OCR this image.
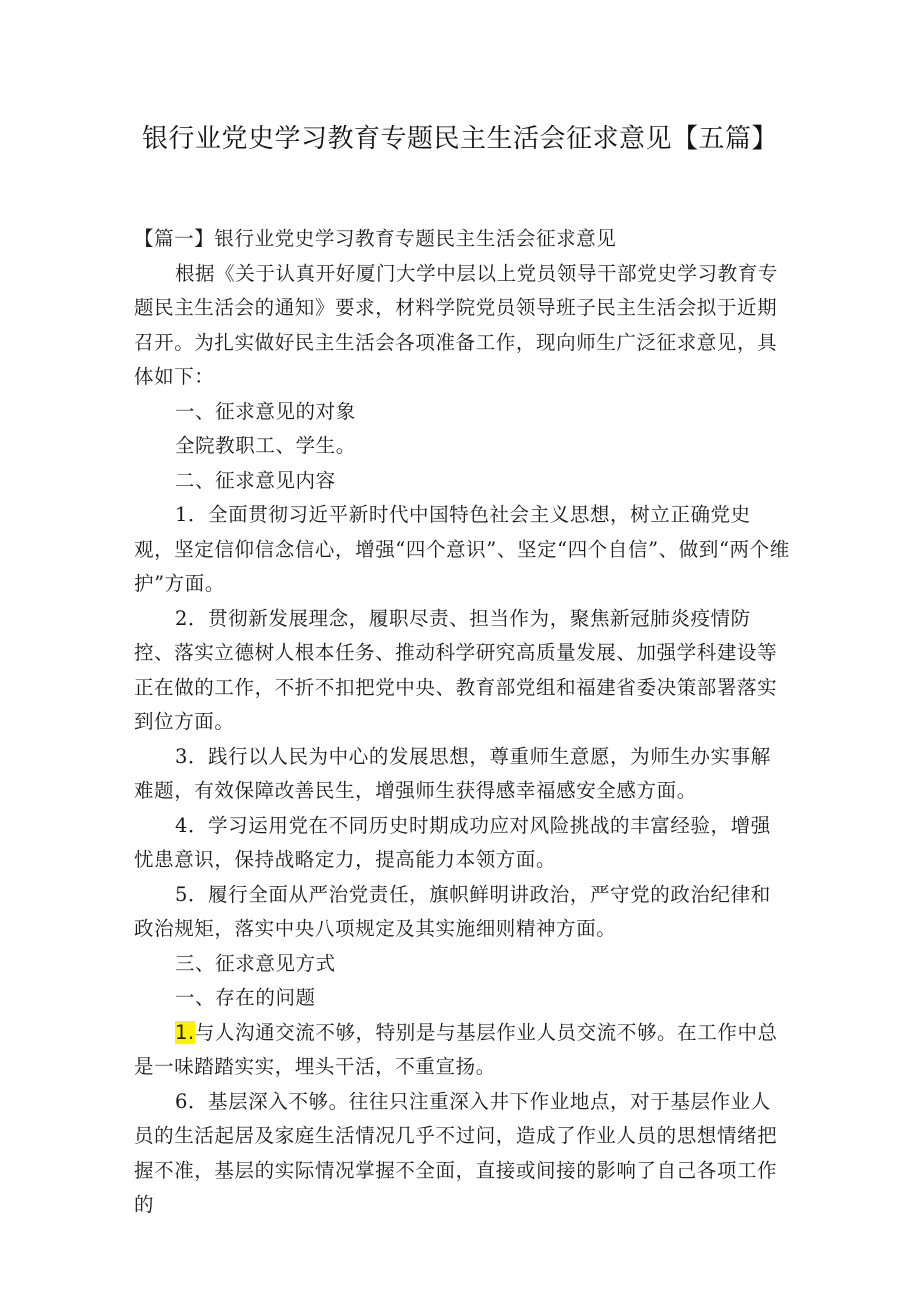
银行业党史学习教育专题民主生活会征求意见【五篇】

【篇一】银行业党史学习教育专题民主生活会征求意见

根据《关于认真开好厦门大学中层以上党员领导干部党史学习教育专题民主生活会的通知》要求，材料学院党员领导班子民主生活会拟于近期召开。为扎实做好民主生活会各项准备工作，现向师生广泛征求意见，具体如下：

一、征求意见的对象

全院教职工、学生。

二、征求意见内容

1．全面贯彻习近平新时代中国特色社会主义思想，树立正确党史观，坚定信仰信念信心，增强“四个意识”、坚定“四个自信”、做到“两个维护”方面。

2．贯彻新发展理念，履职尽责、担当作为，聚焦新冠肺炎疫情防控、落实立德树人根本任务、推动科学研究高质量发展、加强学科建设等正在做的工作，不折不扣把党中央、教育部党组和福建省委决策部署落实到位方面。

3．践行以人民为中心的发展思想，尊重师生意愿，为师生办实事解难题，有效保障改善民生，增强师生获得感幸福感安全感方面。

4．学习运用党在不同历史时期成功应对风险挑战的丰富经验，增强忧患意识，保持战略定力，提高能力本领方面。

5．履行全面从严治党责任，旗帜鲜明讲政治，严守党的政治纪律和政治规矩，落实中央八项规定及其实施细则精神方面。

三、征求意见方式

一、存在的问题

1.与人沟通交流不够，特别是与基层作业人员交流不够。在工作中总是一味踏踏实实，埋头干活，不重宣扬。

6．基层深入不够。往往只注重深入井下作业地点，对于基层作业人员的生活起居及家庭生活情况几乎不过问，造成了作业人员的思想情绪把握不准，基层的实际情况掌握不全面，直接或间接的影响了自己各项工作的
